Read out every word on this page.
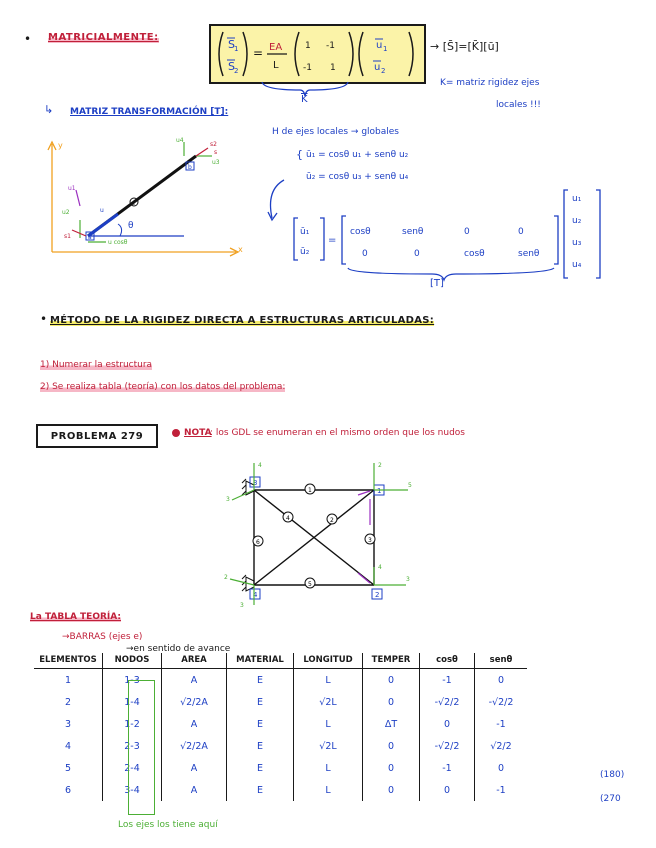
• MATRICIALMENTE:
S 1
S 2
= EA
L
1 -1
-1 1
u 1
u 2
$\overline{K}$
→ [S̄]=[K̄][ū]
K= matriz rigidez ejes
locales !!!
↳ MATRIZ TRANSFORMACIÓN [T]:
H de ejes locales → globales
{ ū₁ = cosθ u₁ + senθ u₂
ū₂ = cosθ u₃ + senθ u₄
ū₁
ū₂
=
cosθ	senθ	0	0
0	0	cosθ	senθ
[T]
u₁
u₂
u₃
u₄
y
x
a
b
e
θ
u4
u3
s2
u2
u cosθ
s1
u1
u
s
• MÉTODO DE LA RIGIDEZ DIRECTA A ESTRUCTURAS ARTICULADAS:
1) Numerar la estructura
2) Se realiza tabla (teoría) con los datos del problema:
PROBLEMA 279	NOTA
: los GDL se enumeran en el mismo orden que los nudos
3
1
4	2
1
6	3
5
4	2
4
3
2
5
2
3
3
4
La TABLA TEORÍA:
→BARRAS (ejes e)
→en sentido de avance
ELEMENTOS	NODOS	AREA	MATERIAL	LONGITUD	TEMPER	cosθ	senθ
1	1-3	A	E	L	0	-1	0
2	1-4	√2/2A	E	√2L	0	-√2/2	-√2/2
3	1-2	A	E	L	ΔT	0	-1
4	2-3	√2/2A	E	√2L	0	-√2/2	√2/2
5	2-4	A	E	L	0	-1	0
6	3-4	A	E	L	0	0	-1
(180)
(270
Los ejes los tiene aquí
